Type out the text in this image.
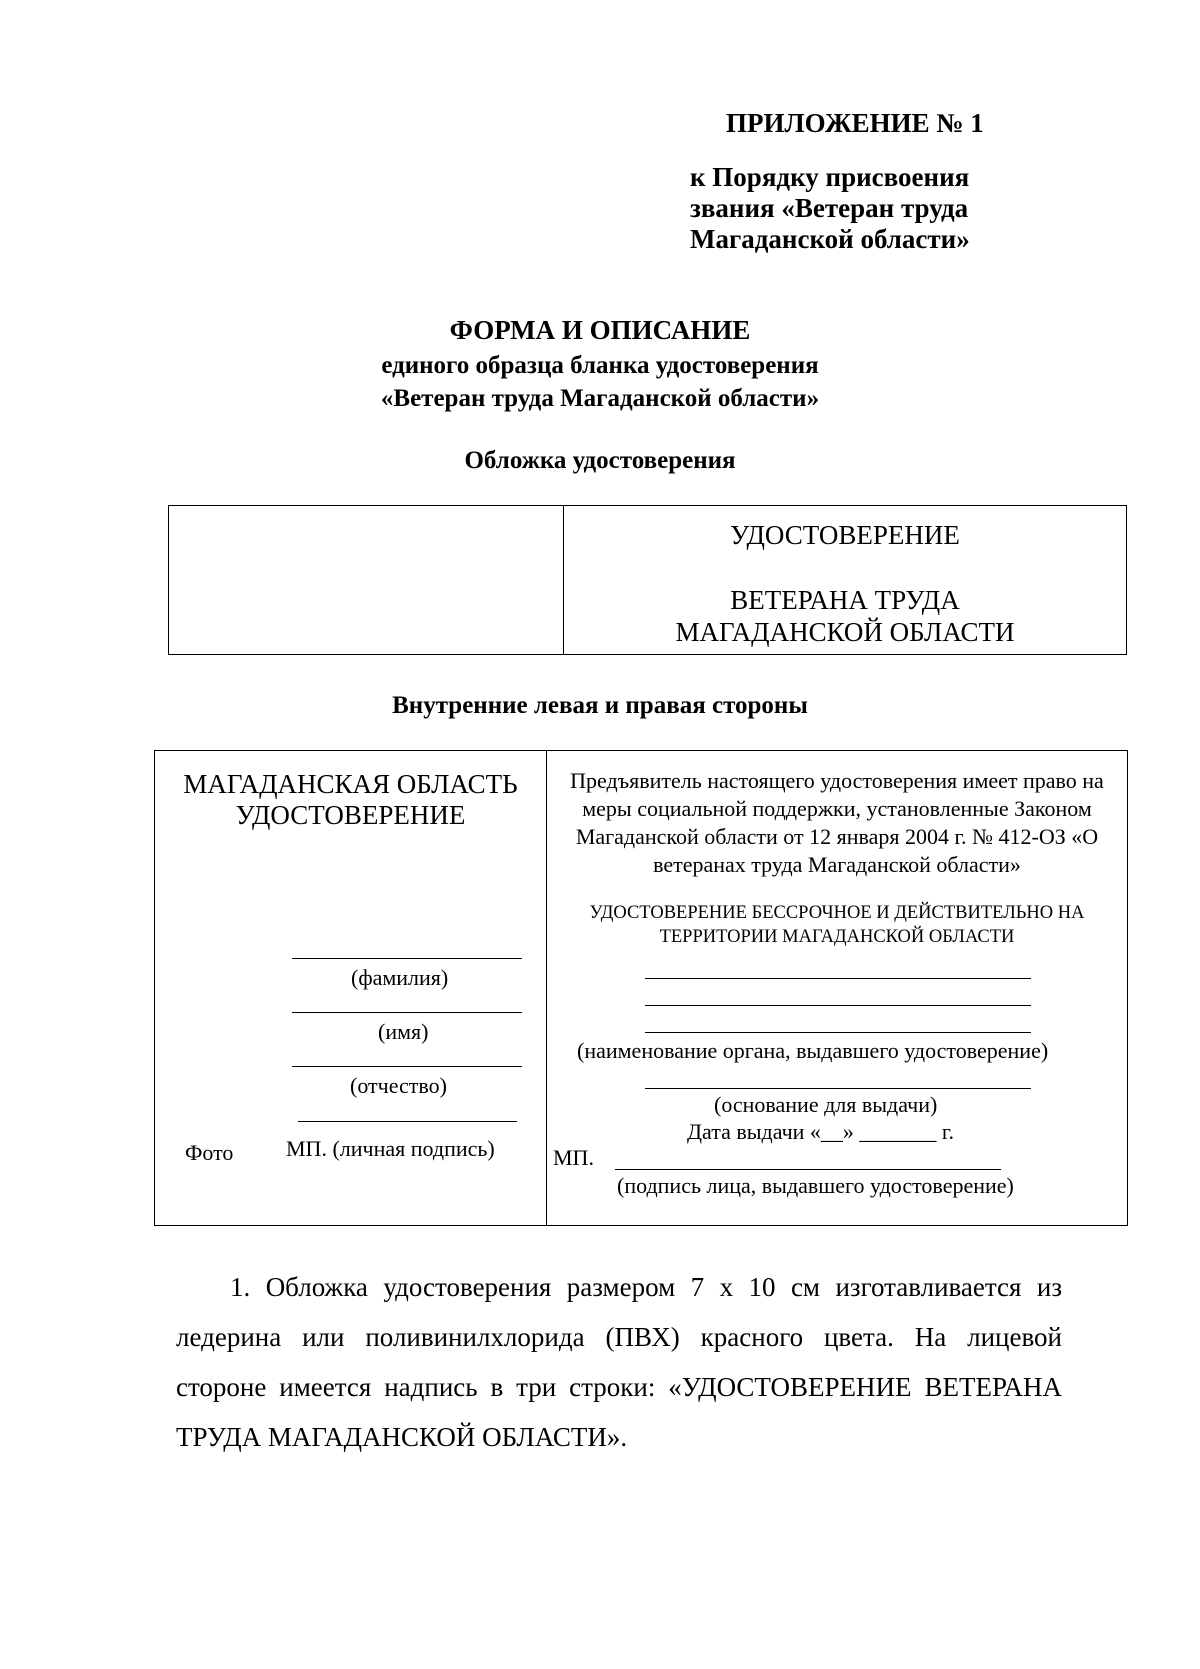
ПРИЛОЖЕНИЕ № 1
к Порядку присвоения
звания «Ветеран труда
Магаданской области»
ФОРМА И ОПИСАНИЕ
единого образца бланка удостоверения
«Ветеран труда Магаданской области»
Обложка удостоверения
УДОСТОВЕРЕНИЕ
ВЕТЕРАНА ТРУДА
МАГАДАНСКОЙ ОБЛАСТИ
Внутренние левая и правая стороны
МАГАДАНСКАЯ ОБЛАСТЬ
УДОСТОВЕРЕНИЕ
(фамилия)
(имя)
(отчество)
Фото МП. (личная подпись)
Предъявитель настоящего удостоверения имеет право на меры социальной поддержки, установленные Законом Магаданской области от 12 января 2004 г. № 412-ОЗ «О ветеранах труда Магаданской области»
УДОСТОВЕРЕНИЕ БЕССРОЧНОЕ И ДЕЙСТВИТЕЛЬНО НА ТЕРРИТОРИИ МАГАДАНСКОЙ ОБЛАСТИ
(наименование органа, выдавшего удостоверение)
(основание для выдачи)
Дата выдачи «__» _______ г.
МП.
(подпись лица, выдавшего удостоверение)
1. Обложка удостоверения размером 7 х 10 см изготавливается из
ледерина или поливинилхлорида (ПВХ) красного цвета. На лицевой
стороне имеется надпись в три строки: «УДОСТОВЕРЕНИЕ ВЕТЕРАНА
ТРУДА МАГАДАНСКОЙ ОБЛАСТИ».
